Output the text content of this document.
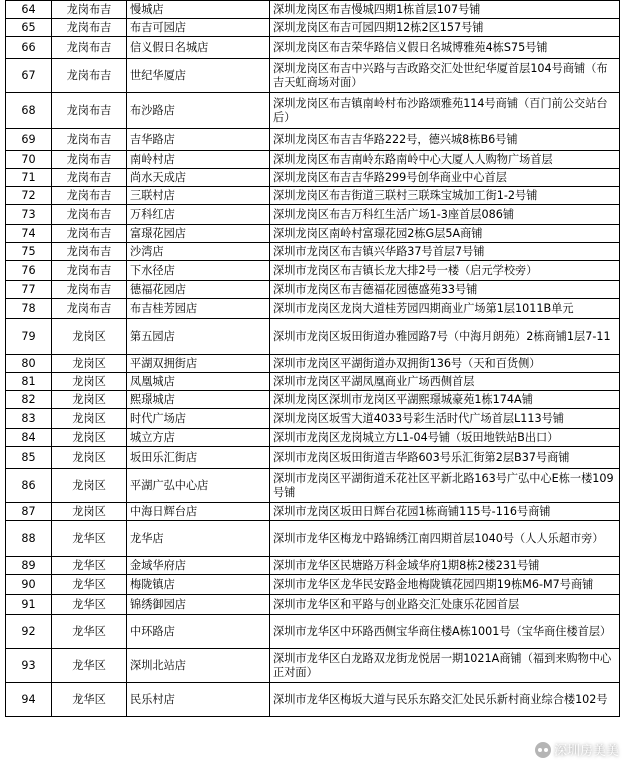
64	龙岗布吉	慢城店	深圳龙岗区布吉慢城四期1栋首层107号铺
65	龙岗布吉	布吉可园店	深圳龙岗区布吉可园四期12栋2区157号铺
66	龙岗布吉	信义假日名城店	深圳龙岗区布吉荣华路信义假日名城博雅苑4栋S75号铺
67	龙岗布吉	世纪华厦店	深圳龙岗区布吉中兴路与吉政路交汇处世纪华厦首层104号商铺（布吉天虹商场对面）
68	龙岗布吉	布沙路店	深圳龙岗区布吉镇南岭村布沙路颂雅苑114号商铺（百门前公交站台后）
69	龙岗布吉	吉华路店	深圳龙岗区布吉吉华路222号，德兴城8栋B6号铺
70	龙岗布吉	南岭村店	深圳龙岗区布吉南岭东路南岭中心大厦人人购物广场首层
71	龙岗布吉	尚水天成店	深圳龙岗区布吉吉华路299号创华商业中心首层
72	龙岗布吉	三联村店	深圳龙岗区布吉街道三联村三联珠宝城加工街1-2号铺
73	龙岗布吉	万科红店	深圳龙岗区布吉万科红生活广场1-3座首层086铺
74	龙岗布吉	富璟花园店	深圳龙岗区南岭村富璟花园2栋G层5A商铺
75	龙岗布吉	沙湾店	深圳市龙岗区布吉镇兴华路37号首层7号铺
76	龙岗布吉	下水径店	深圳市龙岗区布吉镇长龙大排2号一楼（启元学校旁）
77	龙岗布吉	德福花园店	深圳市龙岗区布吉德福花园德盛苑33号铺
78	龙岗布吉	布吉桂芳园店	深圳市龙岗区龙岗大道桂芳园四期商业广场第1层1011B单元
79	龙岗区	第五园店	深圳市龙岗区坂田街道办雅园路7号（中海月朗苑）2栋商铺1层7-11
80	龙岗区	平湖双拥街店	深圳市龙岗区平湖街道办双拥街136号（天和百货侧）
81	龙岗区	凤凰城店	深圳市龙岗区平湖凤凰商业广场西侧首层
82	龙岗区	熙璟城店	深圳龙岗区深圳市龙岗区平湖熙璟城豪苑1栋174A铺
83	龙岗区	时代广场店	深圳龙岗区坂雪大道4033号彩生活时代广场首层L113号铺
84	龙岗区	城立方店	深圳市龙岗区龙岗城立方L1-04号铺（坂田地铁站B出口）
85	龙岗区	坂田乐汇街店	深圳市龙岗区坂田街道吉华路603号乐汇街第2层B37号商铺
86	龙岗区	平湖广弘中心店	深圳市龙岗区平湖街道禾花社区平新北路163号广弘中心E栋一楼109号铺
87	龙岗区	中海日辉台店	深圳市龙岗区坂田日辉台花园1栋商铺115号-116号商铺
88	龙华区	龙华店	深圳市龙华区梅龙中路锦绣江南四期首层1040号（人人乐超市旁）
89	龙华区	金域华府店	深圳市龙华区民塘路万科金域华府1期8栋2楼231号铺
90	龙华区	梅陇镇店	深圳市龙华区龙华民安路金地梅陇镇花园四期19栋M6-M7号商铺
91	龙华区	锦绣御园店	深圳市龙华区和平路与创业路交汇处康乐花园首层
92	龙华区	中环路店	深圳市龙华区中环路西侧宝华商住楼A栋1001号（宝华商住楼首层）
93	龙华区	深圳北站店	深圳市龙华区白龙路双龙街龙悦居一期1021A商铺（福到来购物中心正对面）
94	龙华区	民乐村店	深圳市龙华区梅坂大道与民乐东路交汇处民乐新村商业综合楼102号
深圳房美美
